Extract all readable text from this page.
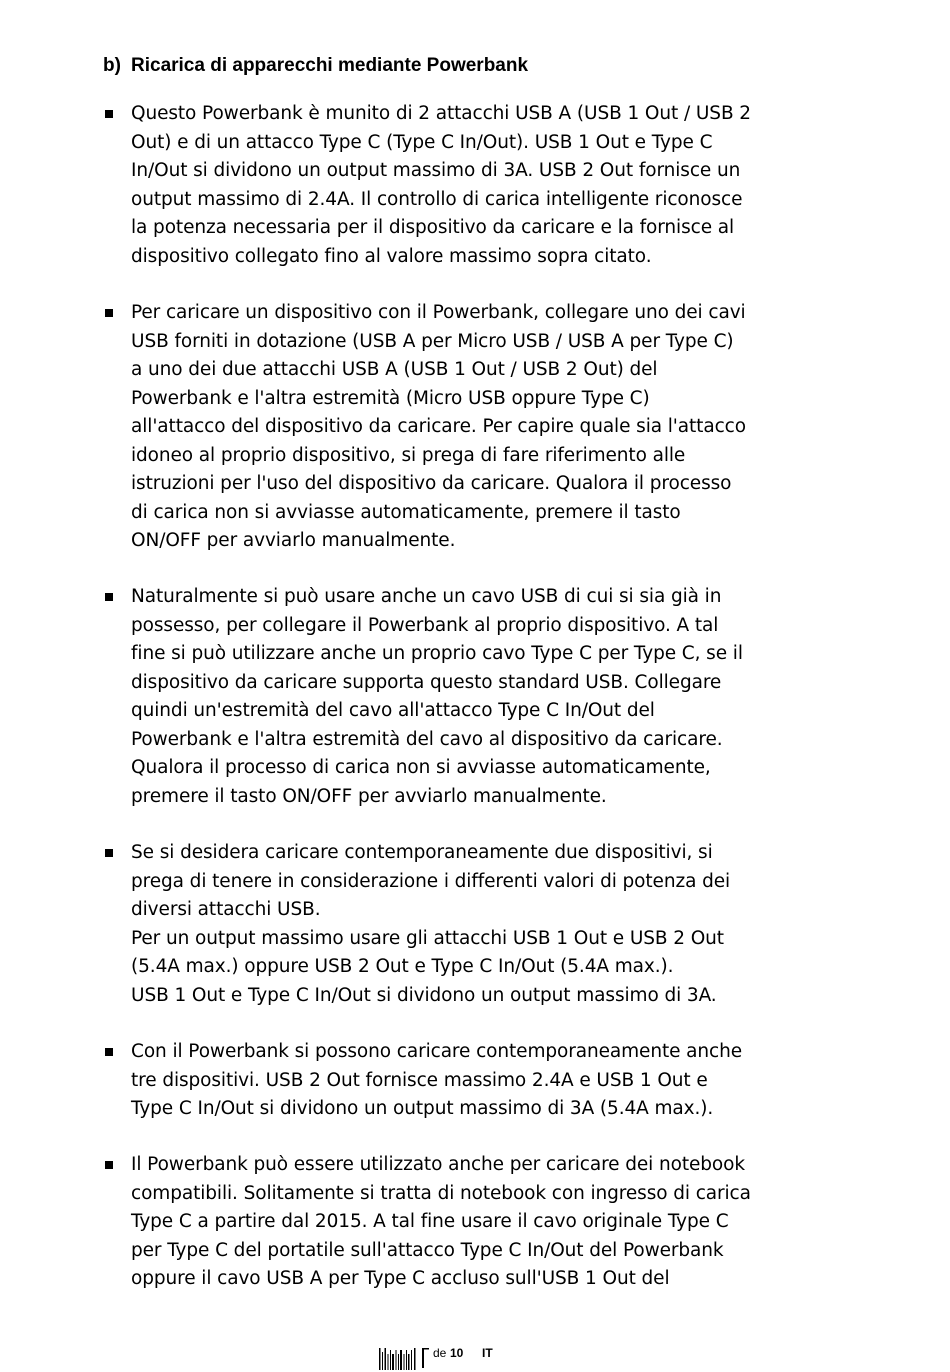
b) Ricarica di apparecchi mediante Powerbank
Questo Powerbank è munito di 2 attacchi USB A (USB 1 Out / USB 2
Out) e di un attacco Type C (Type C In/Out). USB 1 Out e Type C
In/Out si dividono un output massimo di 3A. USB 2 Out fornisce un
output massimo di 2.4A. Il controllo di carica intelligente riconosce
la potenza necessaria per il dispositivo da caricare e la fornisce al
dispositivo collegato fino al valore massimo sopra citato.
Per caricare un dispositivo con il Powerbank, collegare uno dei cavi
USB forniti in dotazione (USB A per Micro USB / USB A per Type C)
a uno dei due attacchi USB A (USB 1 Out / USB 2 Out) del
Powerbank e l'altra estremità (Micro USB oppure Type C)
all'attacco del dispositivo da caricare. Per capire quale sia l'attacco
idoneo al proprio dispositivo, si prega di fare riferimento alle
istruzioni per l'uso del dispositivo da caricare. Qualora il processo
di carica non si avviasse automaticamente, premere il tasto
ON/OFF per avviarlo manualmente.
Naturalmente si può usare anche un cavo USB di cui si sia già in
possesso, per collegare il Powerbank al proprio dispositivo. A tal
fine si può utilizzare anche un proprio cavo Type C per Type C, se il
dispositivo da caricare supporta questo standard USB. Collegare
quindi un'estremità del cavo all'attacco Type C In/Out del
Powerbank e l'altra estremità del cavo al dispositivo da caricare.
Qualora il processo di carica non si avviasse automaticamente,
premere il tasto ON/OFF per avviarlo manualmente.
Se si desidera caricare contemporaneamente due dispositivi, si
prega di tenere in considerazione i differenti valori di potenza dei
diversi attacchi USB.
Per un output massimo usare gli attacchi USB 1 Out e USB 2 Out
(5.4A max.) oppure USB 2 Out e Type C In/Out (5.4A max.).
USB 1 Out e Type C In/Out si dividono un output massimo di 3A.
Con il Powerbank si possono caricare contemporaneamente anche
tre dispositivi. USB 2 Out fornisce massimo 2.4A e USB 1 Out e
Type C In/Out si dividono un output massimo di 3A (5.4A max.).
Il Powerbank può essere utilizzato anche per caricare dei notebook
compatibili. Solitamente si tratta di notebook con ingresso di carica
Type C a partire dal 2015. A tal fine usare il cavo originale Type C
per Type C del portatile sull'attacco Type C In/Out del Powerbank
oppure il cavo USB A per Type C accluso sull'USB 1 Out del
de 10 IT
